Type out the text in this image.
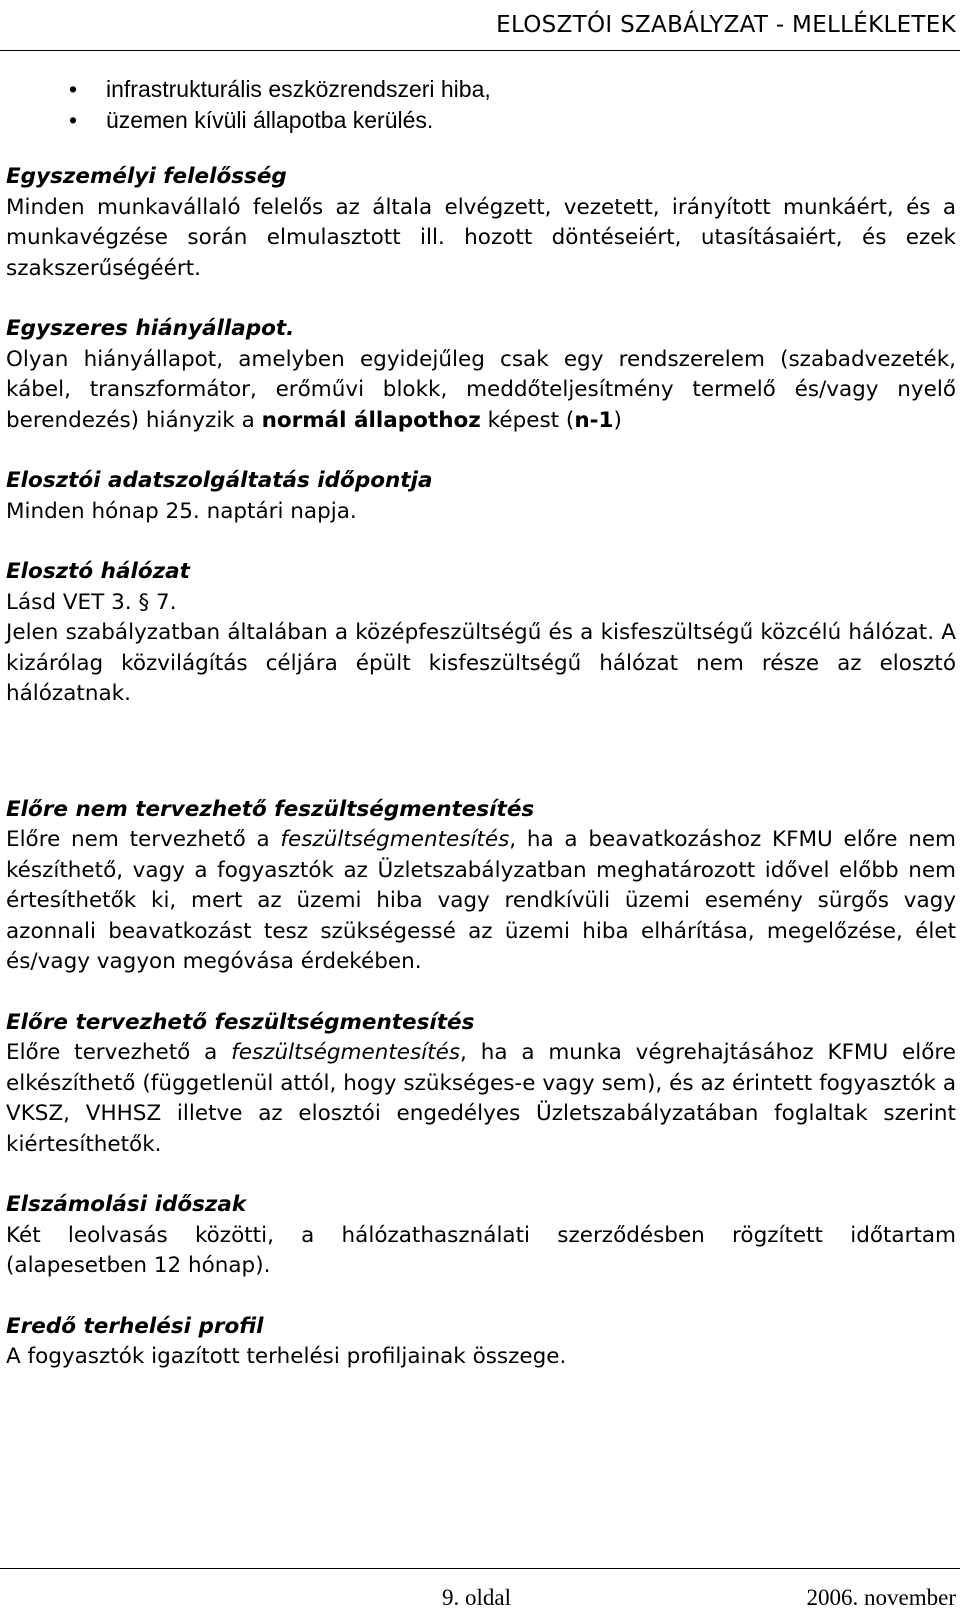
ELOSZTÓI SZABÁLYZAT - MELLÉKLETEK
• infrastrukturális eszközrendszeri hiba,
• üzemen kívüli állapotba kerülés.

Egyszemélyi felelősség

Minden munkavállaló felelős az általa elvégzett, vezetett, irányított munkáért, és a munkavégzése során elmulasztott ill. hozott döntéseiért, utasításaiért, és ezek szakszerűségéért.

Egyszeres hiányállapot.

Olyan hiányállapot, amelyben egyidejűleg csak egy rendszerelem (szabadvezeték, kábel, transzformátor, erőművi blokk, meddőteljesítmény termelő és/vagy nyelő berendezés) hiányzik a normál állapothoz képest (n-1)

Elosztói adatszolgáltatás időpontja

Minden hónap 25. naptári napja.

Elosztó hálózat

Lásd VET 3. § 7.

Jelen szabályzatban általában a középfeszültségű és a kisfeszültségű közcélú hálózat. A kizárólag közvilágítás céljára épült kisfeszültségű hálózat nem része az elosztó hálózatnak.

Előre nem tervezhető feszültségmentesítés

Előre nem tervezhető a feszültségmentesítés, ha a beavatkozáshoz KFMU előre nem készíthető, vagy a fogyasztók az Üzletszabályzatban meghatározott idővel előbb nem értesíthetők ki, mert az üzemi hiba vagy rendkívüli üzemi esemény sürgős vagy azonnali beavatkozást tesz szükségessé az üzemi hiba elhárítása, megelőzése, élet és/vagy vagyon megóvása érdekében.

Előre tervezhető feszültségmentesítés

Előre tervezhető a feszültségmentesítés, ha a munka végrehajtásához KFMU előre elkészíthető (függetlenül attól, hogy szükséges-e vagy sem), és az érintett fogyasztók a VKSZ, VHHSZ illetve az elosztói engedélyes Üzletszabályzatában foglaltak szerint kiértesíthetők.

Elszámolási időszak

Két leolvasás közötti, a hálózathasználati szerződésben rögzített időtartam (alapesetben 12 hónap).

Eredő terhelési profil

A fogyasztók igazított terhelési profiljainak összege.

9. oldal	2006. november
